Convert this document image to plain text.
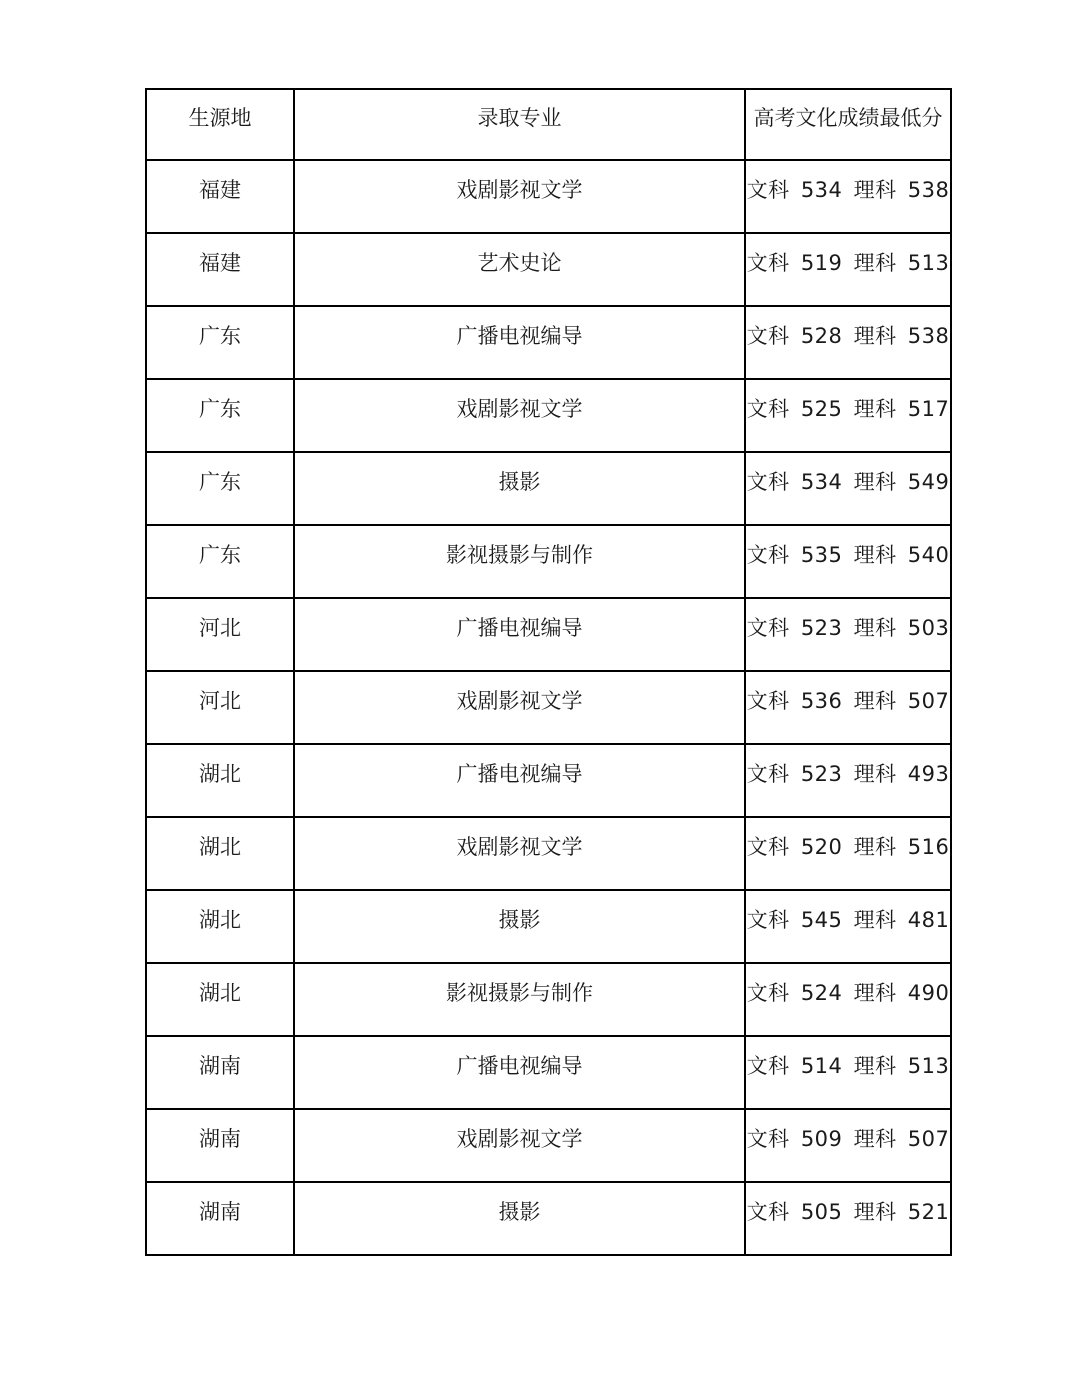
生源地	录取专业	高考文化成绩最低分
福建	戏剧影视文学	文科 534 理科 538
福建	艺术史论	文科 519 理科 513
广东	广播电视编导	文科 528 理科 538
广东	戏剧影视文学	文科 525 理科 517
广东	摄影	文科 534 理科 549
广东	影视摄影与制作	文科 535 理科 540
河北	广播电视编导	文科 523 理科 503
河北	戏剧影视文学	文科 536 理科 507
湖北	广播电视编导	文科 523 理科 493
湖北	戏剧影视文学	文科 520 理科 516
湖北	摄影	文科 545 理科 481
湖北	影视摄影与制作	文科 524 理科 490
湖南	广播电视编导	文科 514 理科 513
湖南	戏剧影视文学	文科 509 理科 507
湖南	摄影	文科 505 理科 521
